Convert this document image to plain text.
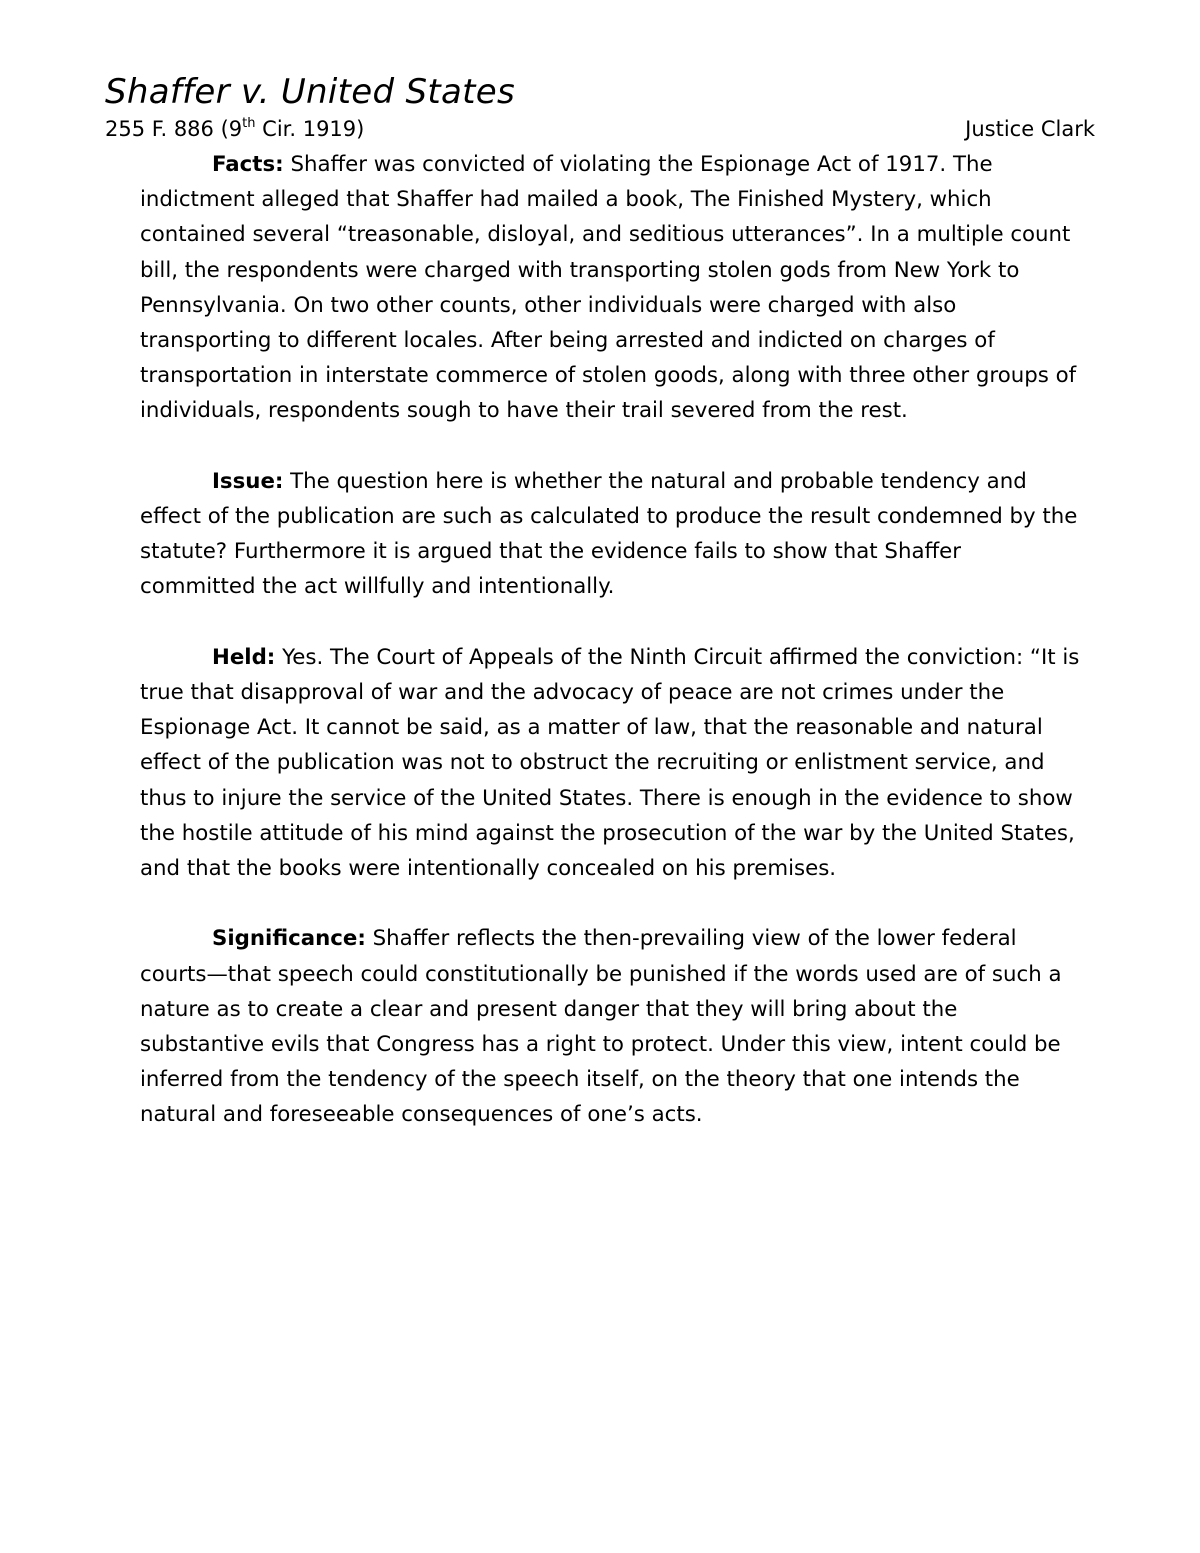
Shaffer v. United States
255 F. 886 (9th Cir. 1919)	Justice Clark

Facts: Shaffer was convicted of violating the Espionage Act of 1917. The indictment alleged that Shaffer had mailed a book, The Finished Mystery, which contained several “treasonable, disloyal, and seditious utterances”. In a multiple count bill, the respondents were charged with transporting stolen gods from New York to Pennsylvania. On two other counts, other individuals were charged with also transporting to different locales. After being arrested and indicted on charges of transportation in interstate commerce of stolen goods, along with three other groups of individuals, respondents sough to have their trail severed from the rest.

Issue: The question here is whether the natural and probable tendency and effect of the publication are such as calculated to produce the result condemned by the statute? Furthermore it is argued that the evidence fails to show that Shaffer committed the act willfully and intentionally.

Held: Yes. The Court of Appeals of the Ninth Circuit affirmed the conviction: “It is true that disapproval of war and the advocacy of peace are not crimes under the Espionage Act. It cannot be said, as a matter of law, that the reasonable and natural effect of the publication was not to obstruct the recruiting or enlistment service, and thus to injure the service of the United States. There is enough in the evidence to show the hostile attitude of his mind against the prosecution of the war by the United States, and that the books were intentionally concealed on his premises.

Significance: Shaffer reflects the then-prevailing view of the lower federal courts—that speech could constitutionally be punished if the words used are of such a nature as to create a clear and present danger that they will bring about the substantive evils that Congress has a right to protect. Under this view, intent could be inferred from the tendency of the speech itself, on the theory that one intends the natural and foreseeable consequences of one’s acts.
